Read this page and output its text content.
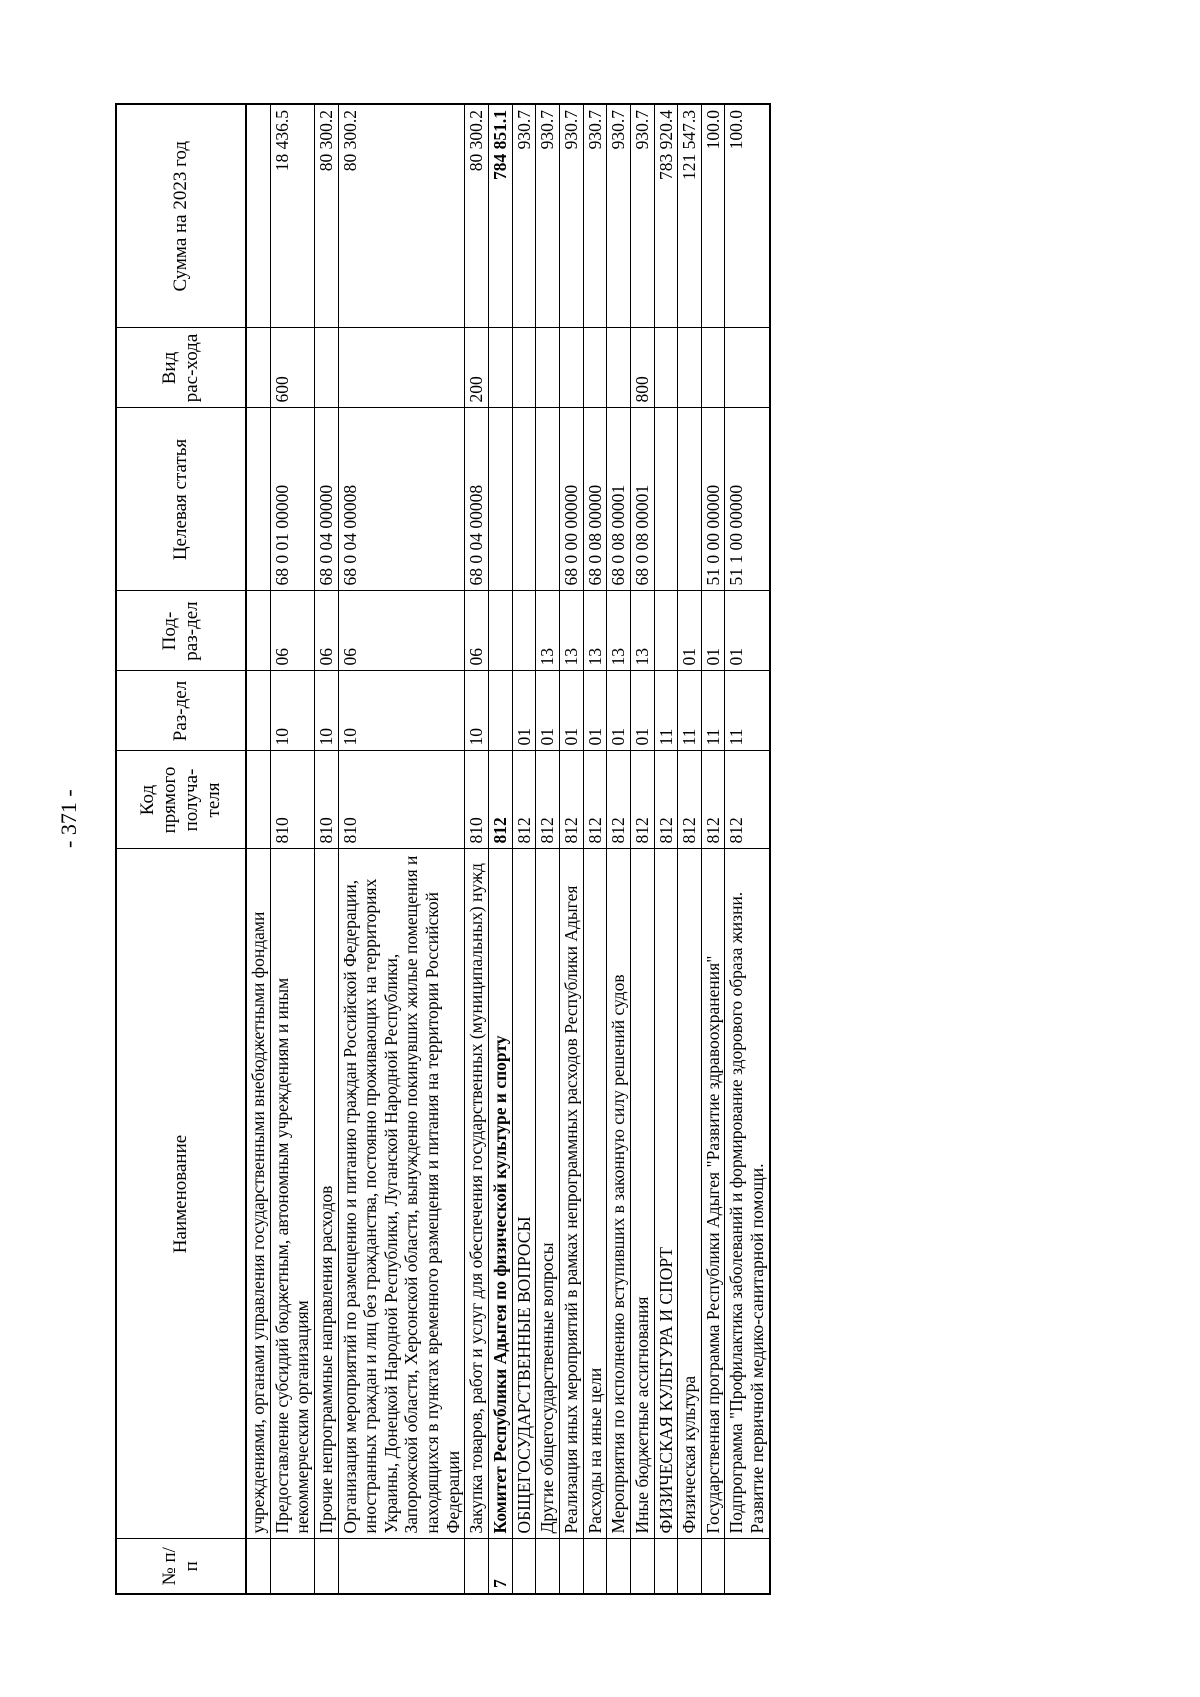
- 371 -
№ п/п	Наименование	Код прямого получа-теля	Раз-дел	Под-раз-дел	Целевая статья	Вид рас-хода	Сумма на 2023 год
	учреждениями, органами управления государственными внебюджетными фондами						
	Предоставление субсидий бюджетным, автономным учреждениям и иным некоммерческим организациям	810	10	06	68 0 01 00000	600	18 436.5
	Прочие непрограммные направления расходов	810	10	06	68 0 04 00000		80 300.2
	Организация мероприятий по размещению и питанию граждан Российской Федерации, иностранных граждан и лиц без гражданства, постоянно проживающих на территориях Украины, Донецкой Народной Республики, Луганской Народной Республики, Запорожской области, Херсонской области, вынужденно покинувших жилые помещения и находящихся в пунктах временного размещения и питания на территории Российской Федерации	810	10	06	68 0 04 00008		80 300.2
	Закупка товаров, работ и услуг для обеспечения государственных (муниципальных) нужд	810	10	06	68 0 04 00008	200	80 300.2
7	Комитет Республики Адыгея по физической культуре и спорту	812					784 851.1
	ОБЩЕГОСУДАРСТВЕННЫЕ ВОПРОСЫ	812	01				930.7
	Другие общегосударственные вопросы	812	01	13			930.7
	Реализация иных мероприятий в рамках непрограммных расходов Республики Адыгея	812	01	13	68 0 00 00000		930.7
	Расходы на иные цели	812	01	13	68 0 08 00000		930.7
	Мероприятия по исполнению вступивших в законную силу решений судов	812	01	13	68 0 08 00001		930.7
	Иные бюджетные ассигнования	812	01	13	68 0 08 00001	800	930.7
	ФИЗИЧЕСКАЯ КУЛЬТУРА И СПОРТ	812	11				783 920.4
	Физическая культура	812	11	01			121 547.3
	Государственная программа Республики Адыгея "Развитие здравоохранения"	812	11	01	51 0 00 00000		100.0
	Подпрограмма "Профилактика заболеваний и формирование здорового образа жизни. Развитие первичной медико-санитарной помощи.	812	11	01	51 1 00 00000		100.0
